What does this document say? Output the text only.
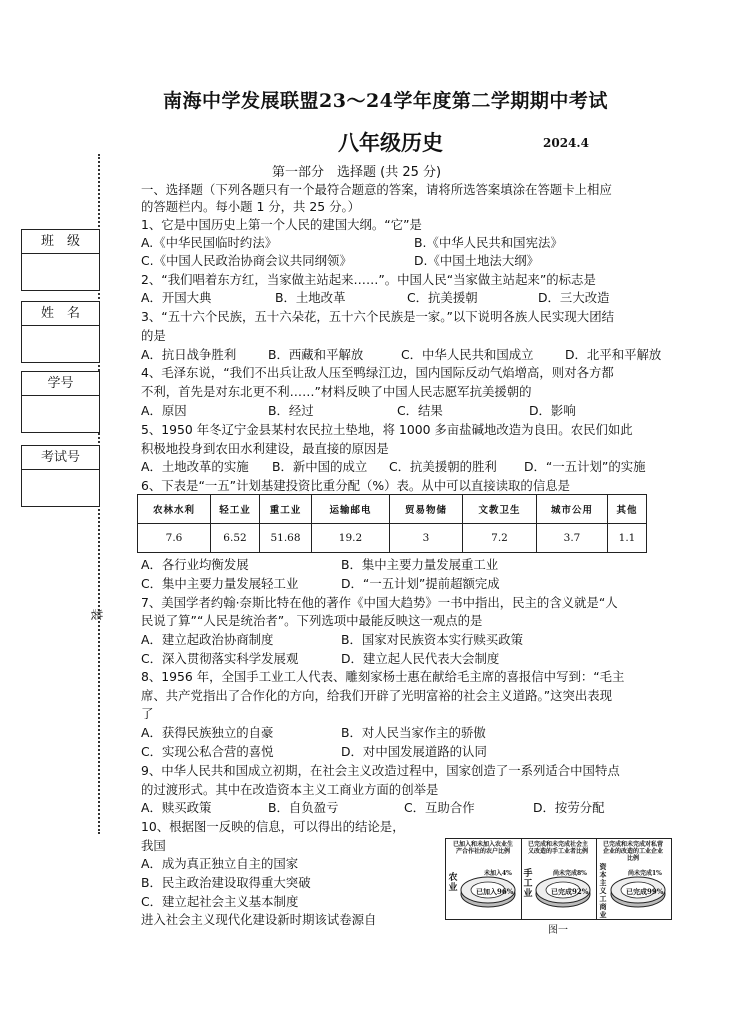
南海中学发展联盟23～24学年度第二学期期中考试
八年级历史	2024.4
第一部分　选择题 (共 25 分)
班　级
姓　名
学号
考试号
装
一、选择题（下列各题只有一个最符合题意的答案，请将所选答案填涂在答题卡上相应
的答题栏内。每小题 1 分，共 25 分。）
1、它是中国历史上第一个人民的建国大纲。“它”是
A.《中华民国临时约法》	B.《中华人民共和国宪法》
C.《中国人民政治协商会议共同纲领》	D.《中国土地法大纲》
2、“我们唱着东方红，当家做主站起来……”。中国人民“当家做主站起来”的标志是
A．开国大典	B．土地改革	C．抗美援朝	D．三大改造
3、“五十六个民族，五十六朵花，五十六个民族是一家。”以下说明各族人民实现大团结
的是
A．抗日战争胜利	B．西藏和平解放	C．中华人民共和国成立	D．北平和平解放
4、毛泽东说，“我们不出兵让敌人压至鸭绿江边，国内国际反动气焰增高，则对各方都
不利，首先是对东北更不利……”材料反映了中国人民志愿军抗美援朝的
A．原因	B．经过	C．结果	D．影响
5、1950 年冬辽宁金县某村农民拉土垫地，将 1000 多亩盐碱地改造为良田。农民们如此
积极地投身到农田水利建设，最直接的原因是
A．土地改革的实施 B．新中国的成立 C．抗美援朝的胜利 D．“一五计划”的实施
6、下表是“一五”计划基建投资比重分配（%）表。从中可以直接读取的信息是
农林水利	轻工业	重工业	运输邮电	贸易物储	文教卫生	城市公用	其他
7.6	6.52	51.68	19.2	3	7.2	3.7	1.1
A．各行业均衡发展	B．集中主要力量发展重工业
C．集中主要力量发展轻工业	D．“一五计划”提前超额完成
7、美国学者约翰·奈斯比特在他的著作《中国大趋势》一书中指出，民主的含义就是“人
民说了算”“人民是统治者”。下列选项中最能反映这一观点的是
A．建立起政治协商制度	B．国家对民族资本实行赎买政策
C．深入贯彻落实科学发展观	D．建立起人民代表大会制度
8、1956 年，全国手工业工人代表、雕刻家杨士惠在献给毛主席的喜报信中写到：“毛主
席、共产党指出了合作化的方向，给我们开辟了光明富裕的社会主义道路。”这突出表现
了
A．获得民族独立的自豪	B．对人民当家作主的骄傲
C．实现公私合营的喜悦	D．对中国发展道路的认同
9、中华人民共和国成立初期，在社会主义改造过程中，国家创造了一系列适合中国特点
的过渡形式。其中在改造资本主义工商业方面的创举是
A．赎买政策	B．自负盈亏	C．互助合作	D．按劳分配
10、根据图一反映的信息，可以得出的结论是，
我国
A．成为真正独立自主的国家
B．民主政治建设取得重大突破
C．建立起社会主义基本制度
进入社会主义现代化建设新时期该试卷源自
已加入和未加入农业生产合作社的农户比例
农业
未加入4%
已加入96%
已完成和未完成社会主义改造的手工业者比例
手工业
尚未完成8%
已完成92%
已完成和未完成对私营企业的改造的工业企业比例
资本主义工商业
尚未完成1%
已完成99%
图一
